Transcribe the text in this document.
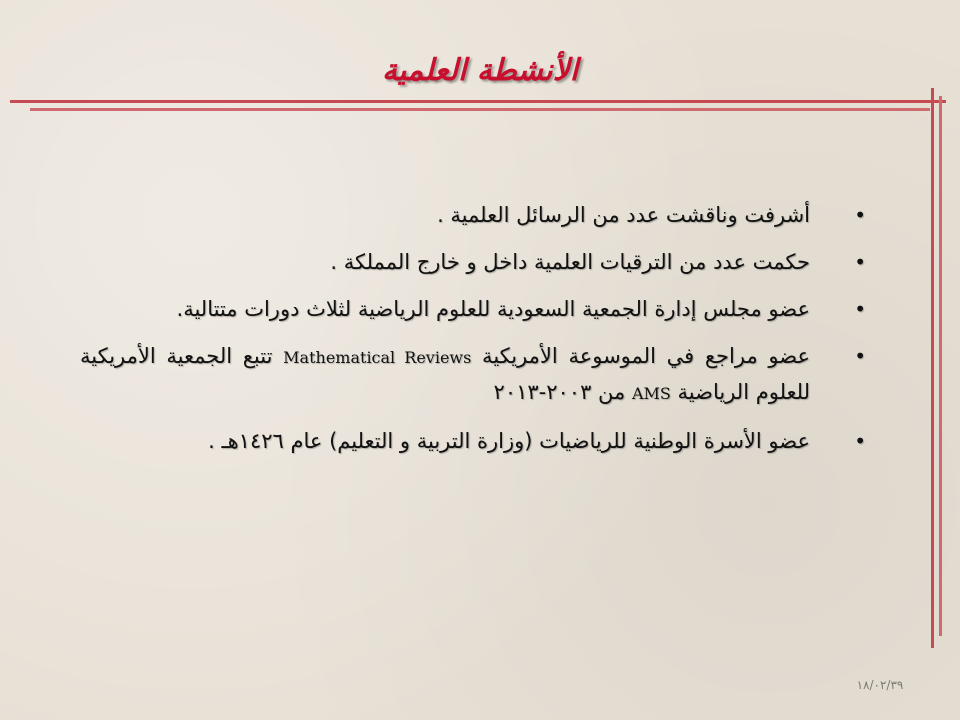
الأنشطة العلمية
•
أشرفت وناقشت عدد من الرسائل العلمية .
•
حكمت عدد من الترقيات العلمية داخل و خارج المملكة .
•
عضو مجلس إدارة الجمعية السعودية للعلوم الرياضية لثلاث دورات متتالية.
•
عضو مراجع في الموسوعة الأمريكية Mathematical Reviews تتبع الجمعية الأمريكية للعلوم الرياضية AMS من ٢٠٠٣-٢٠١٣
•
عضو الأسرة الوطنية للرياضيات (وزارة التربية و التعليم) عام ١٤٢٦هـ .
١٨/٠٢/٣٩
